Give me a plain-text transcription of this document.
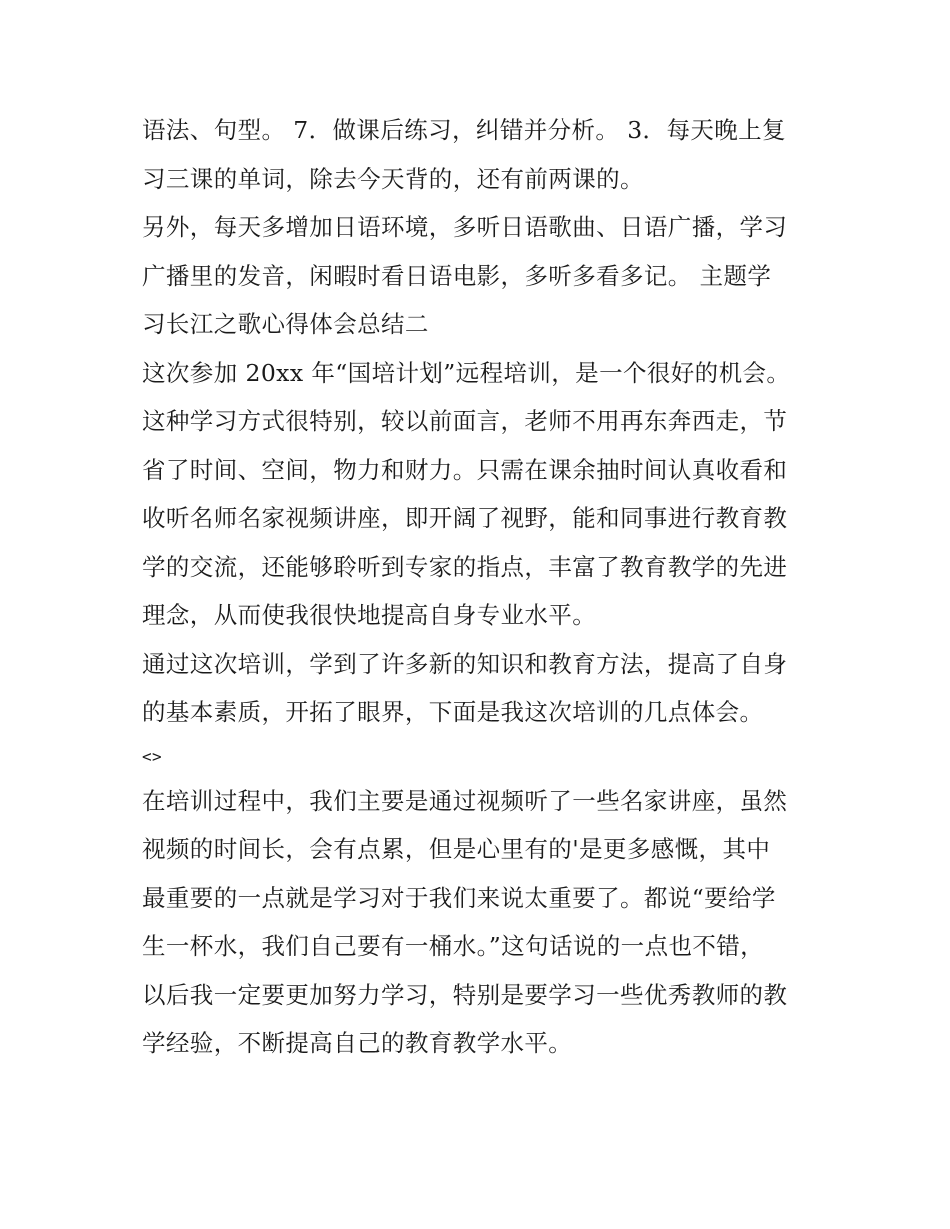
语法、句型。 7．做课后练习，纠错并分析。 3．每天晚上复
习三课的单词，除去今天背的，还有前两课的。
另外，每天多增加日语环境，多听日语歌曲、日语广播，学习
广播里的发音，闲暇时看日语电影，多听多看多记。 主题学
习长江之歌心得体会总结二
这次参加 20xx 年“国培计划”远程培训，是一个很好的机会。
这种学习方式很特别，较以前面言，老师不用再东奔西走，节
省了时间、空间，物力和财力。只需在课余抽时间认真收看和
收听名师名家视频讲座，即开阔了视野，能和同事进行教育教
学的交流，还能够聆听到专家的指点，丰富了教育教学的先进
理念，从而使我很快地提高自身专业水平。
通过这次培训，学到了许多新的知识和教育方法，提高了自身
的基本素质，开拓了眼界，下面是我这次培训的几点体会。
<>
在培训过程中，我们主要是通过视频听了一些名家讲座，虽然
视频的时间长，会有点累，但是心里有的'是更多感慨，其中
最重要的一点就是学习对于我们来说太重要了。都说“要给学
生一杯水，我们自己要有一桶水。”这句话说的一点也不错，
以后我一定要更加努力学习，特别是要学习一些优秀教师的教
学经验，不断提高自己的教育教学水平。
